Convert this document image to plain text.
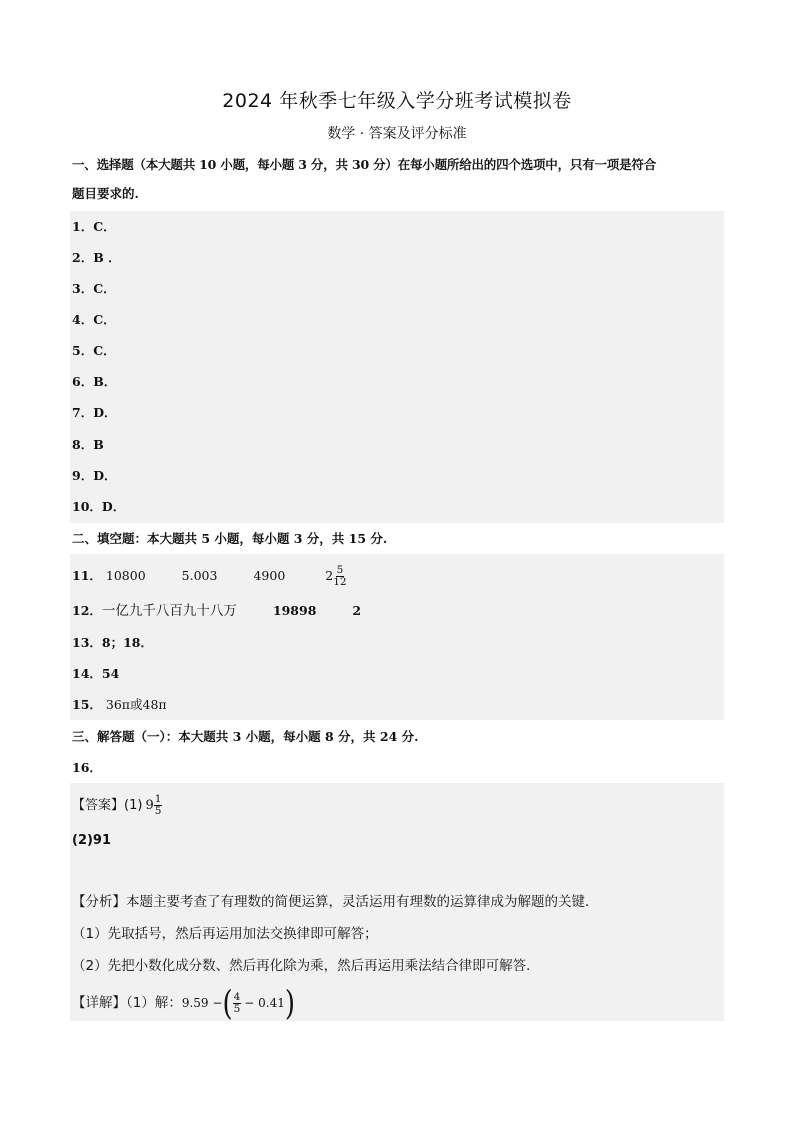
2024 年秋季七年级入学分班考试模拟卷
数学 · 答案及评分标准
一、选择题（本大题共 10 小题，每小题 3 分，共 30 分）在每小题所给出的四个选项中，只有一项是符合
题目要求的.
1．C．
2．B ．
3．C．
4．C．
5．C．
6．B．
7．D．
8．B
9．D．
10．D．
二、填空题：本大题共 5 小题，每小题 3 分，共 15 分.
11． 10800	5.003	4900	$2 \frac{5}{12}$
12．一亿九千八百九十八万	19898	2
13．8；18．
14．54
15． 36π或48π
三、解答题（一）：本大题共 3 小题，每小题 8 分，共 24 分.
16．
【答案】(1) $9 \frac{1}{5}$
(2)91
【分析】本题主要考查了有理数的简便运算，灵活运用有理数的运算律成为解题的关键．
（1）先取括号，然后再运用加法交换律即可解答；
（2）先把小数化成分数、然后再化除为乘，然后再运用乘法结合律即可解答．
【详解】（1）解：9.59 −( $\frac{4}{5} - 0.41$)
